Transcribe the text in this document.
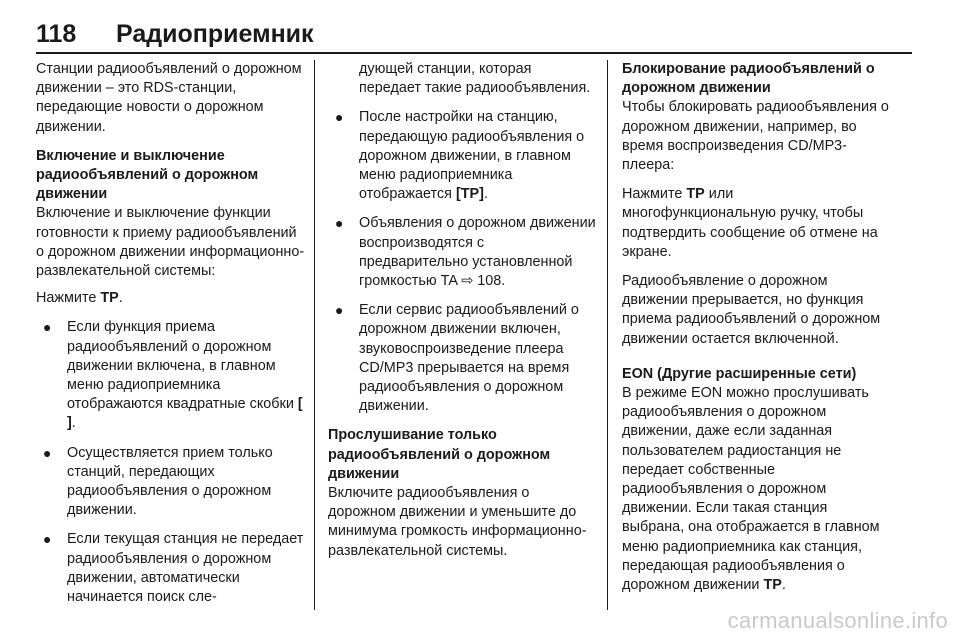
118	Радиоприемник

Станции радиообъявлений о дорожном движении – это RDS-станции, передающие новости о дорожном движении.

Включение и выключение радиообъявлений о дорожном движении

Включение и выключение функции готовности к приему радиообъявлений о дорожном движении информационно-развлекательной системы:

Нажмите TP.

● Если функция приема радиообъявлений о дорожном движении включена, в главном меню радиоприемника отображаются квадратные скобки [ ].
● Осуществляется прием только станций, передающих радиообъявления о дорожном движении.
● Если текущая станция не передает радиообъявления о дорожном движении, автоматически начинается поиск сле-

дующей станции, которая передает такие радиообъявления.

● После настройки на станцию, передающую радиообъявления о дорожном движении, в главном меню радиоприемника отображается [TP].
● Объявления о дорожном движении воспроизводятся с предварительно установленной громкостью TA ⇨ 108.
● Если сервис радиообъявлений о дорожном движении включен, звуковоспроизведение плеера CD/MP3 прерывается на время радиообъявления о дорожном движении.

Прослушивание только радиообъявлений о дорожном движении

Включите радиообъявления о дорожном движении и уменьшите до минимума громкость информационно-развлекательной системы.

Блокирование радиообъявлений о дорожном движении

Чтобы блокировать радиообъявления о дорожном движении, например, во время воспроизведения CD/MP3-плеера:

Нажмите TP или многофункциональную ручку, чтобы подтвердить сообщение об отмене на экране.

Радиообъявление о дорожном движении прерывается, но функция приема радиообъявлений о дорожном движении остается включенной.

EON (Другие расширенные сети)

В режиме EON можно прослушивать радиообъявления о дорожном движении, даже если заданная пользователем радиостанция не передает собственные радиообъявления о дорожном движении. Если такая станция выбрана, она отображается в главном меню радиоприемника как станция, передающая радиообъявления о дорожном движении TP.

carmanualsonline.info
